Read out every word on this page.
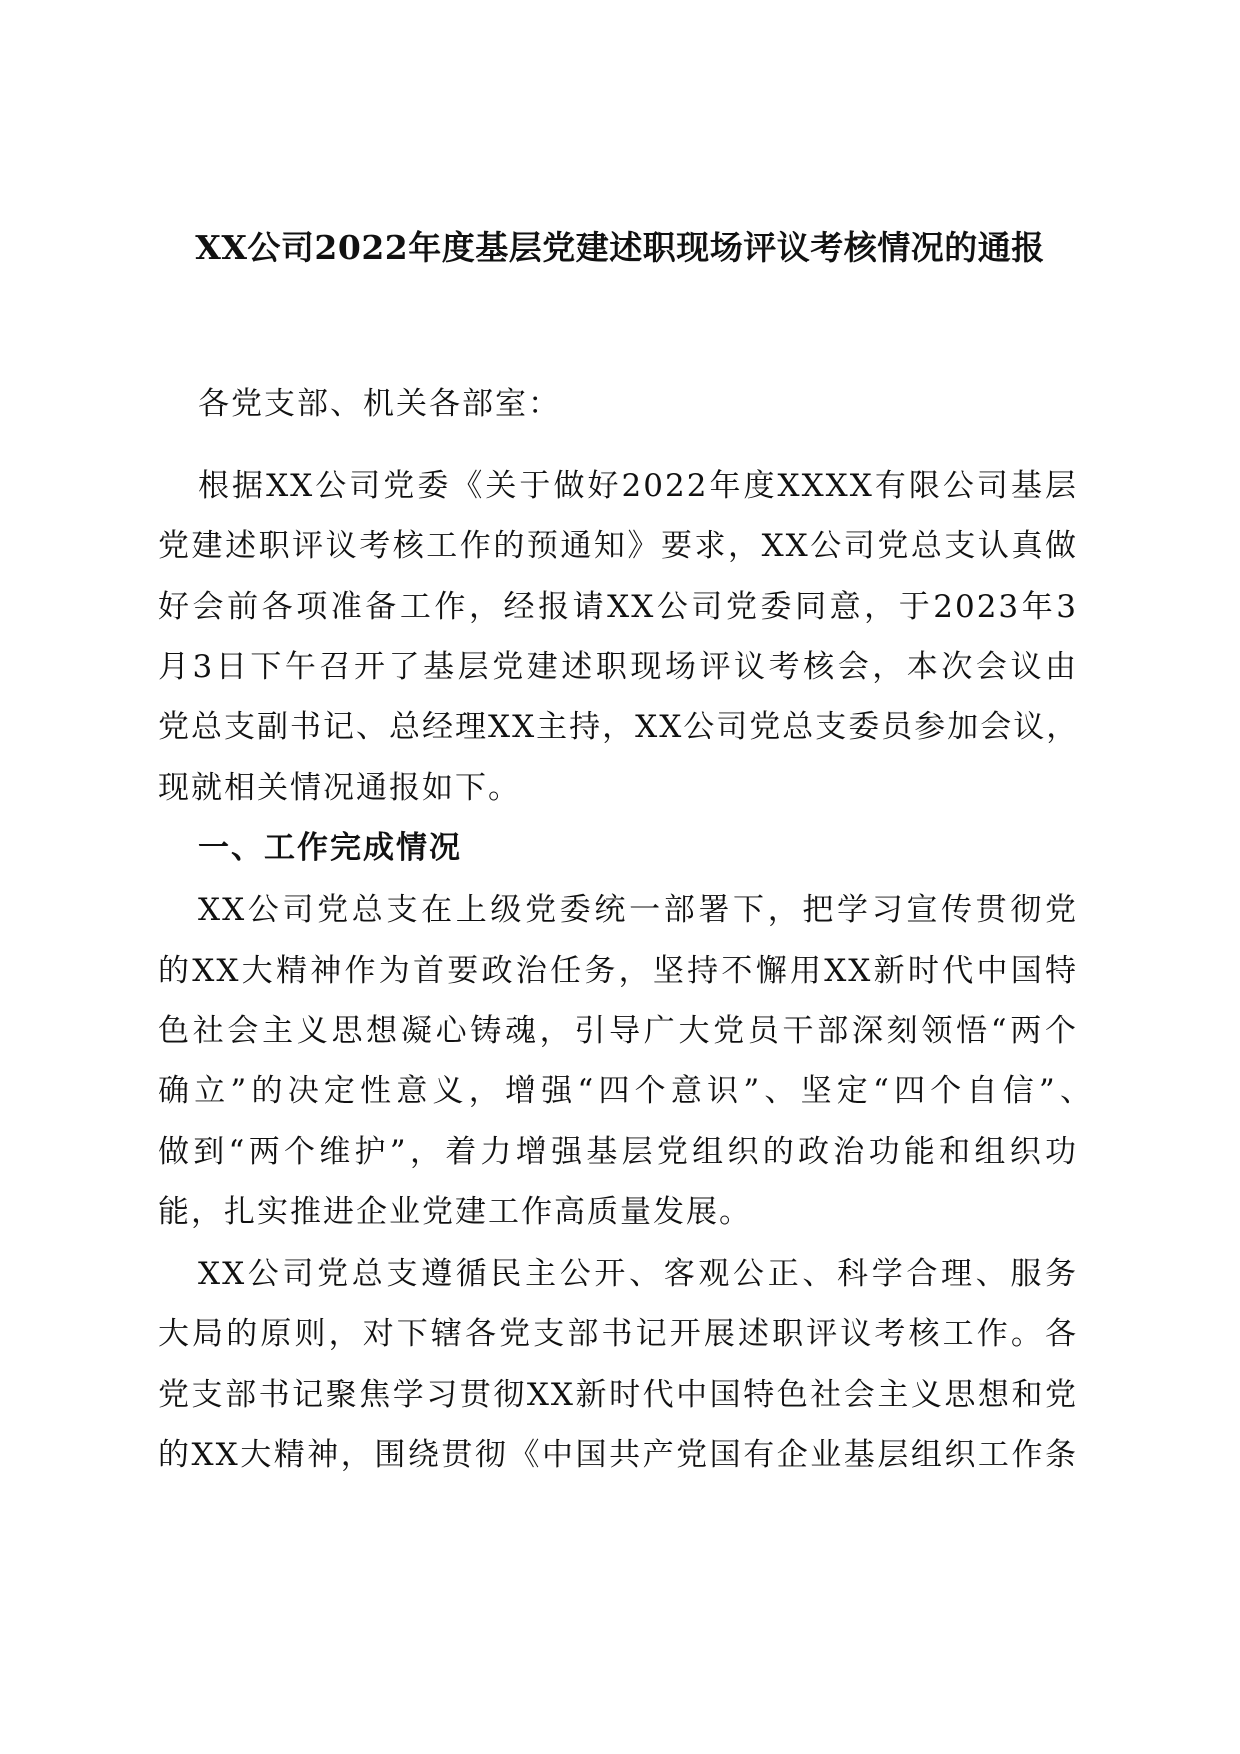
XX公司2022年度基层党建述职现场评议考核情况的通报
各党支部、机关各部室：
根据XX公司党委《关于做好2022年度XXXX有限公司基层
党建述职评议考核工作的预通知》要求，XX公司党总支认真做
好会前各项准备工作，经报请XX公司党委同意，于2023年3
月3日下午召开了基层党建述职现场评议考核会，本次会议由
党总支副书记、总经理XX主持，XX公司党总支委员参加会议，
现就相关情况通报如下。
一、工作完成情况
XX公司党总支在上级党委统一部署下，把学习宣传贯彻党
的XX大精神作为首要政治任务，坚持不懈用XX新时代中国特
色社会主义思想凝心铸魂，引导广大党员干部深刻领悟“两个
确立”的决定性意义，增强“四个意识”、坚定“四个自信”、
做到“两个维护”，着力增强基层党组织的政治功能和组织功
能，扎实推进企业党建工作高质量发展。
XX公司党总支遵循民主公开、客观公正、科学合理、服务
大局的原则，对下辖各党支部书记开展述职评议考核工作。各
党支部书记聚焦学习贯彻XX新时代中国特色社会主义思想和党
的XX大精神，围绕贯彻《中国共产党国有企业基层组织工作条
